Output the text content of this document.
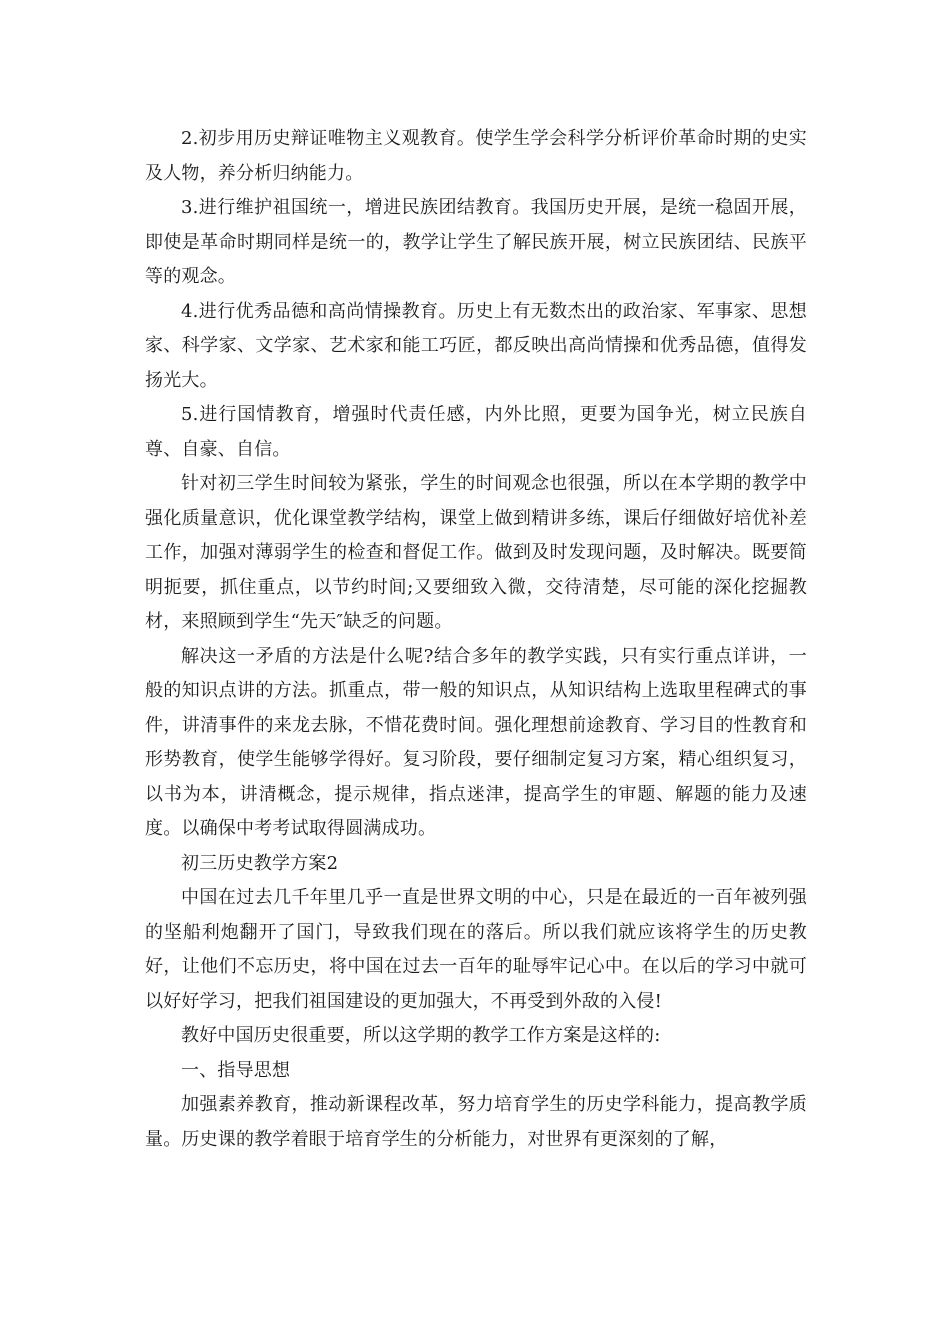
2.初步用历史辩证唯物主义观教育。使学生学会科学分析评价革命时期的史实及人物，养分析归纳能力。

3.进行维护祖国统一，增进民族团结教育。我国历史开展，是统一稳固开展，即使是革命时期同样是统一的，教学让学生了解民族开展，树立民族团结、民族平等的观念。

4.进行优秀品德和高尚情操教育。历史上有无数杰出的政治家、军事家、思想家、科学家、文学家、艺术家和能工巧匠，都反映出高尚情操和优秀品德，值得发扬光大。

5.进行国情教育，增强时代责任感，内外比照，更要为国争光，树立民族自尊、自豪、自信。

针对初三学生时间较为紧张，学生的时间观念也很强，所以在本学期的教学中强化质量意识，优化课堂教学结构，课堂上做到精讲多练，课后仔细做好培优补差工作，加强对薄弱学生的检查和督促工作。做到及时发现问题，及时解决。既要简明扼要，抓住重点，以节约时间;又要细致入微，交待清楚，尽可能的深化挖掘教材，来照顾到学生“先天″缺乏的问题。

解决这一矛盾的方法是什么呢?结合多年的教学实践，只有实行重点详讲，一般的知识点讲的方法。抓重点，带一般的知识点，从知识结构上选取里程碑式的事件，讲清事件的来龙去脉，不惜花费时间。强化理想前途教育、学习目的性教育和形势教育，使学生能够学得好。复习阶段，要仔细制定复习方案，精心组织复习，以书为本，讲清概念，提示规律，指点迷津，提高学生的审题、解题的能力及速度。以确保中考考试取得圆满成功。

初三历史教学方案2

中国在过去几千年里几乎一直是世界文明的中心，只是在最近的一百年被列强的坚船利炮翻开了国门，导致我们现在的落后。所以我们就应该将学生的历史教好，让他们不忘历史，将中国在过去一百年的耻辱牢记心中。在以后的学习中就可以好好学习，把我们祖国建设的更加强大，不再受到外敌的入侵!

教好中国历史很重要，所以这学期的教学工作方案是这样的:

一、指导思想

加强素养教育，推动新课程改革，努力培育学生的历史学科能力，提高教学质量。历史课的教学着眼于培育学生的分析能力，对世界有更深刻的了解，
